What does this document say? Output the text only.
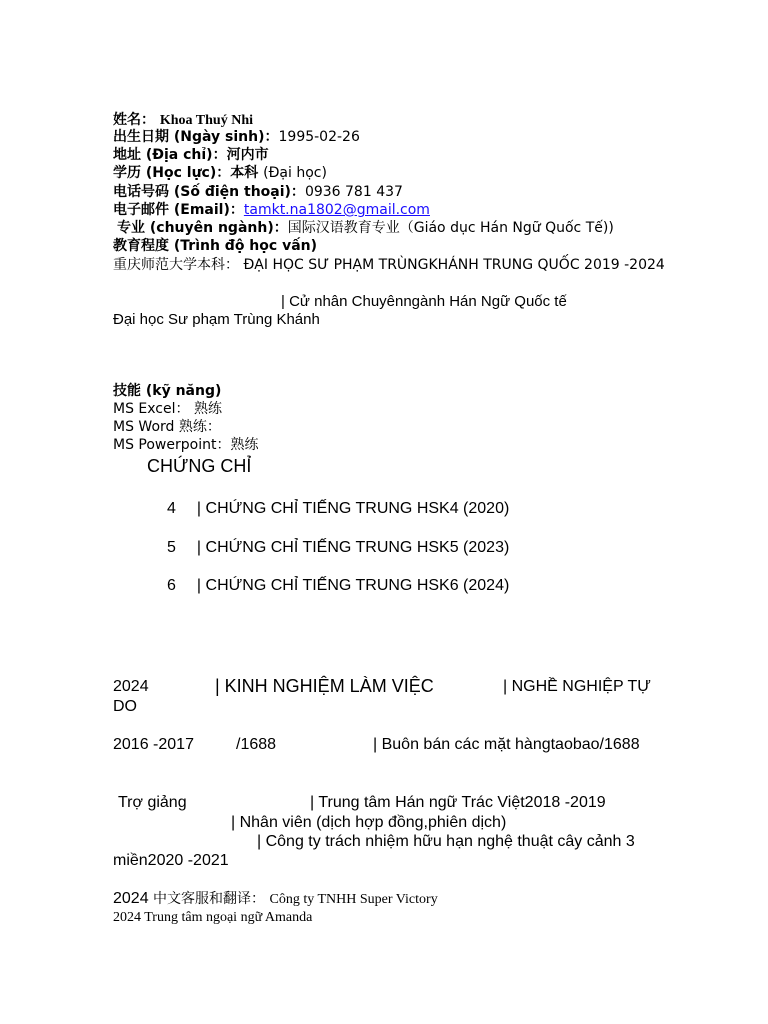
姓名： Khoa Thuý Nhi
出生日期 (Ngày sinh)：1995-02-26
地址 (Địa chỉ)：河内市
学历 (Học lực)：本科 (Đại học)
电话号码 (Số điện thoại)：0936 781 437
电子邮件 (Email)：tamkt.na1802@gmail.com
专业 (chuyên ngành)：国际汉语教育专业（Giáo dục Hán Ngữ Quốc Tế))
教育程度 (Trình độ học vấn)
重庆师范大学本科： ĐẠI HỌC SƯ PHẠM TRÙNGKHÁNH TRUNG QUỐC 2019 -2024
| Cử nhân Chuyênngành Hán Ngữ Quốc tế
Đại học Sư phạm Trùng Khánh
技能 (kỹ năng)
MS Excel： 熟练
MS Word 熟练：
MS Powerpoint：熟练
CHỨNG CHỈ
4 | CHỨNG CHỈ TIẾNG TRUNG HSK4 (2020)
5 | CHỨNG CHỈ TIẾNG TRUNG HSK5 (2023)
6 | CHỨNG CHỈ TIẾNG TRUNG HSK6 (2024)
2024	| KINH NGHIỆM LÀM VIỆC	| NGHỀ NGHIỆP TỰ
DO
2016 -2017	/1688	| Buôn bán các mặt hàngtaobao/1688
Trợ giảng	| Trung tâm Hán ngữ Trác Việt2018 -2019
| Nhân viên (dịch hợp đồng,phiên dịch)
| Công ty trách nhiệm hữu hạn nghệ thuật cây cảnh 3
miền2020 -2021
2024 中文客服和翻译： Công ty TNHH Super Victory
2024 Trung tâm ngoại ngữ Amanda
